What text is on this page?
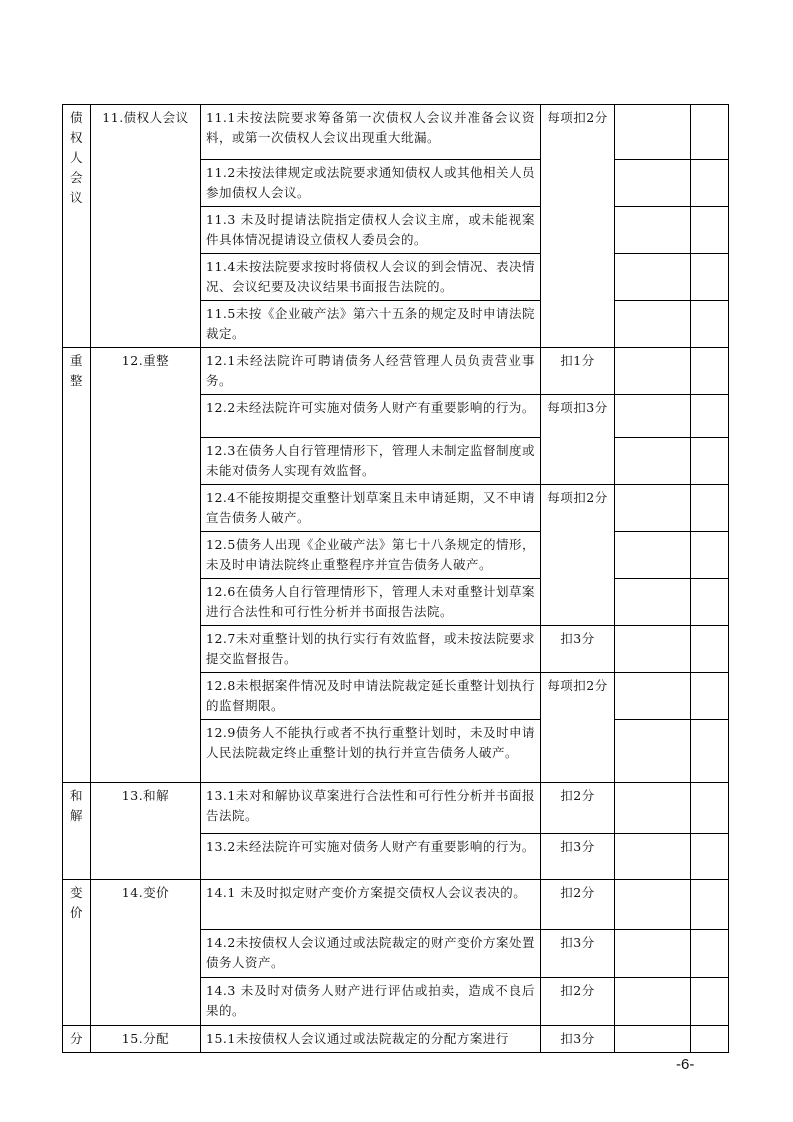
债权人会议	11.债权人会议	11.1未按法院要求筹备第一次债权人会议并准备会议资料，或第一次债权人会议出现重大纰漏。	每项扣2分		
		11.2未按法律规定或法院要求通知债权人或其他相关人员参加债权人会议。			
		11.3 未及时提请法院指定债权人会议主席，或未能视案件具体情况提请设立债权人委员会的。			
		11.4未按法院要求按时将债权人会议的到会情况、表决情况、会议纪要及决议结果书面报告法院的。			
		11.5未按《企业破产法》第六十五条的规定及时申请法院裁定。			
重整	12.重整	12.1未经法院许可聘请债务人经营管理人员负责营业事务。	扣1分		
		12.2未经法院许可实施对债务人财产有重要影响的行为。	每项扣3分		
		12.3在债务人自行管理情形下，管理人未制定监督制度或未能对债务人实现有效监督。			
		12.4不能按期提交重整计划草案且未申请延期，又不申请宣告债务人破产。	每项扣2分		
		12.5债务人出现《企业破产法》第七十八条规定的情形，未及时申请法院终止重整程序并宣告债务人破产。			
		12.6在债务人自行管理情形下，管理人未对重整计划草案进行合法性和可行性分析并书面报告法院。			
		12.7未对重整计划的执行实行有效监督，或未按法院要求提交监督报告。	扣3分		
		12.8未根据案件情况及时申请法院裁定延长重整计划执行的监督期限。	每项扣2分		
		12.9债务人不能执行或者不执行重整计划时，未及时申请人民法院裁定终止重整计划的执行并宣告债务人破产。			
和解	13.和解	13.1未对和解协议草案进行合法性和可行性分析并书面报告法院。	扣2分		
		13.2未经法院许可实施对债务人财产有重要影响的行为。	扣3分		
变价	14.变价	14.1 未及时拟定财产变价方案提交债权人会议表决的。	扣2分		
		14.2未按债权人会议通过或法院裁定的财产变价方案处置债务人资产。	扣3分		
		14.3 未及时对债务人财产进行评估或拍卖，造成不良后果的。	扣2分		
分	15.分配	15.1未按债权人会议通过或法院裁定的分配方案进行	扣3分		
-6-
